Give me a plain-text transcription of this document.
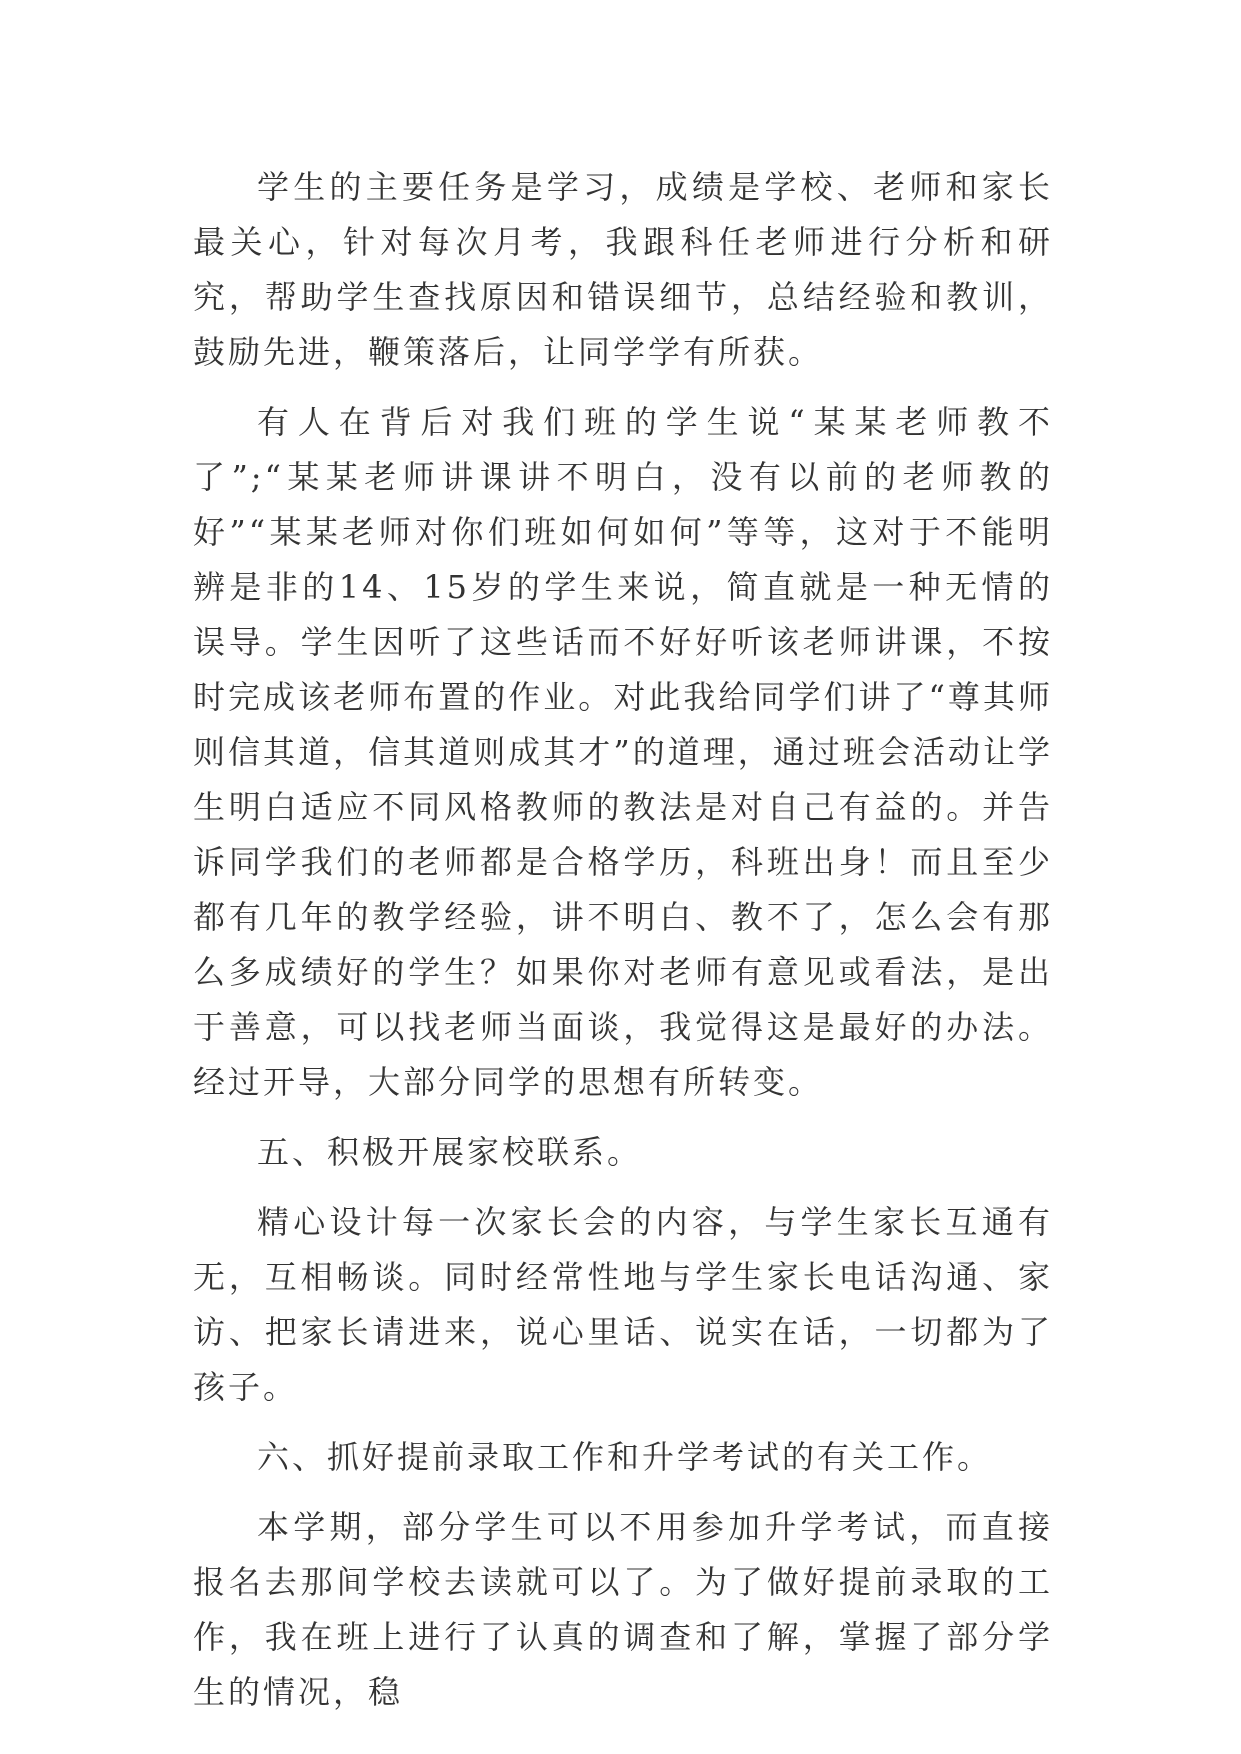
学生的主要任务是学习，成绩是学校、老师和家长最关心，针对每次月考，我跟科任老师进行分析和研究，帮助学生查找原因和错误细节，总结经验和教训，鼓励先进，鞭策落后，让同学学有所获。

有人在背后对我们班的学生说“某某老师教不了”;“某某老师讲课讲不明白，没有以前的老师教的好”“某某老师对你们班如何如何”等等，这对于不能明辨是非的14、15岁的学生来说，简直就是一种无情的误导。学生因听了这些话而不好好听该老师讲课，不按时完成该老师布置的作业。对此我给同学们讲了“尊其师则信其道，信其道则成其才”的道理，通过班会活动让学生明白适应不同风格教师的教法是对自己有益的。并告诉同学我们的老师都是合格学历，科班出身！而且至少都有几年的教学经验，讲不明白、教不了，怎么会有那么多成绩好的学生？如果你对老师有意见或看法，是出于善意，可以找老师当面谈，我觉得这是最好的办法。经过开导，大部分同学的思想有所转变。

五、积极开展家校联系。

精心设计每一次家长会的内容，与学生家长互通有无，互相畅谈。同时经常性地与学生家长电话沟通、家访、把家长请进来，说心里话、说实在话，一切都为了孩子。

六、抓好提前录取工作和升学考试的有关工作。

本学期，部分学生可以不用参加升学考试，而直接报名去那间学校去读就可以了。为了做好提前录取的工作，我在班上进行了认真的调查和了解，掌握了部分学生的情况，稳
